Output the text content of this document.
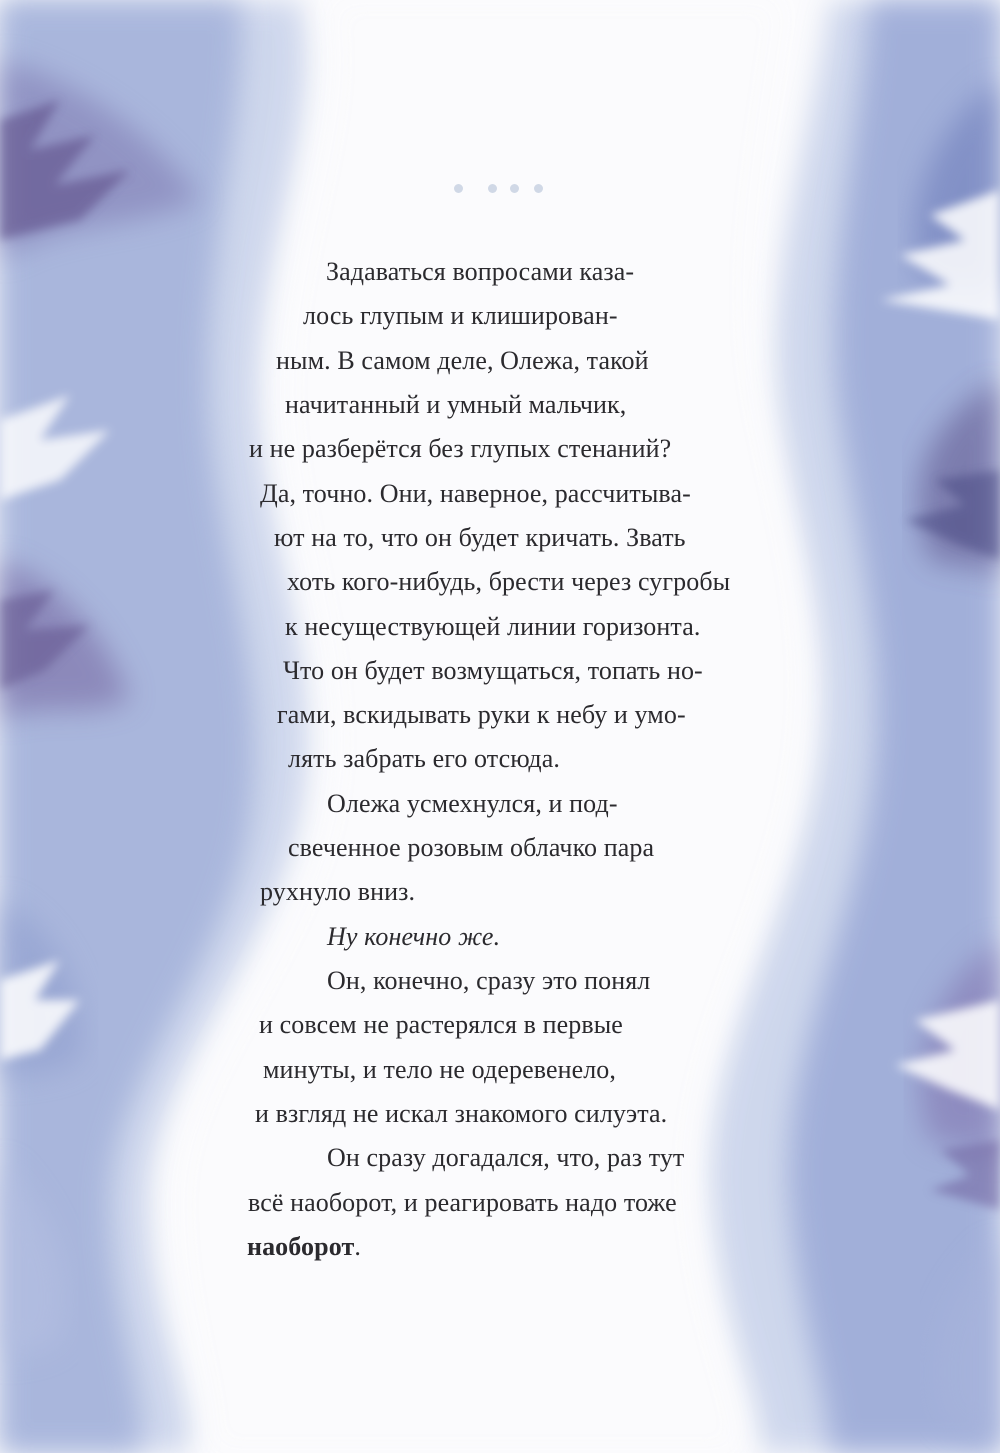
Задаваться вопросами каза-
лось глупым и клиширован-
ным. В самом деле, Олежа, такой
начитанный и умный мальчик,
и не разберётся без глупых стенаний?
Да, точно. Они, наверное, рассчитыва-
ют на то, что он будет кричать. Звать
хоть кого-нибудь, брести через сугробы
к несуществующей линии горизонта.
Что он будет возмущаться, топать но-
гами, вскидывать руки к небу и умо-
лять забрать его отсюда.
Олежа усмехнулся, и под-
свеченное розовым облачко пара
рухнуло вниз.
Ну конечно же.
Он, конечно, сразу это понял
и совсем не растерялся в первые
минуты, и тело не одеревенело,
и взгляд не искал знакомого силуэта.
Он сразу догадался, что, раз тут
всё наоборот, и реагировать надо тоже
наоборот.
